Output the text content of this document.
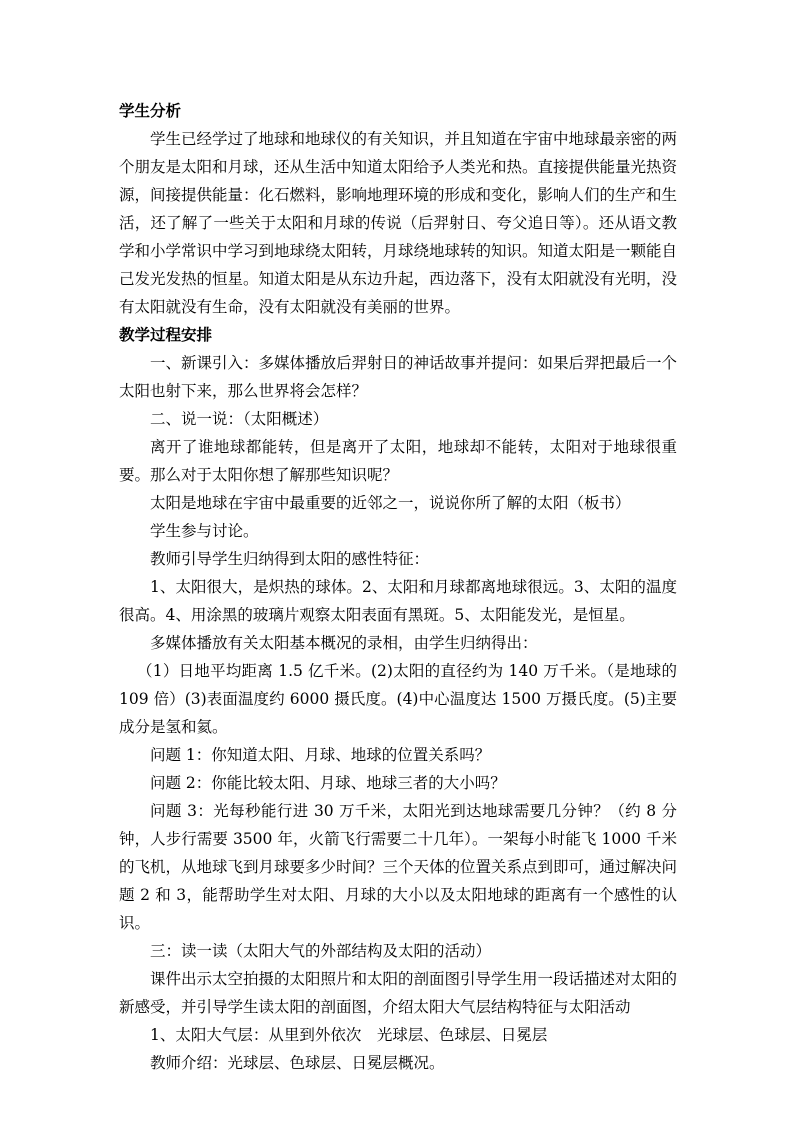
学生分析

学生已经学过了地球和地球仪的有关知识，并且知道在宇宙中地球最亲密的两个朋友是太阳和月球，还从生活中知道太阳给予人类光和热。直接提供能量光热资源，间接提供能量：化石燃料，影响地理环境的形成和变化，影响人们的生产和生活，还了解了一些关于太阳和月球的传说（后羿射日、夸父追日等）。还从语文教学和小学常识中学习到地球绕太阳转，月球绕地球转的知识。知道太阳是一颗能自己发光发热的恒星。知道太阳是从东边升起，西边落下，没有太阳就没有光明，没有太阳就没有生命，没有太阳就没有美丽的世界。

教学过程安排

一、新课引入：多媒体播放后羿射日的神话故事并提问：如果后羿把最后一个太阳也射下来，那么世界将会怎样？

二、说一说：（太阳概述）

离开了谁地球都能转，但是离开了太阳，地球却不能转，太阳对于地球很重要。那么对于太阳你想了解那些知识呢？

太阳是地球在宇宙中最重要的近邻之一，说说你所了解的太阳（板书）

学生参与讨论。

教师引导学生归纳得到太阳的感性特征：

1、太阳很大，是炽热的球体。2、太阳和月球都离地球很远。3、太阳的温度很高。4、用涂黑的玻璃片观察太阳表面有黑斑。5、太阳能发光，是恒星。

多媒体播放有关太阳基本概况的录相，由学生归纳得出：

（1）日地平均距离 1.5 亿千米。(2)太阳的直径约为 140 万千米。（是地球的 109 倍）(3)表面温度约 6000 摄氏度。(4)中心温度达 1500 万摄氏度。(5)主要成分是氢和氦。

问题 1：你知道太阳、月球、地球的位置关系吗？

问题 2：你能比较太阳、月球、地球三者的大小吗？

问题 3：光每秒能行进 30 万千米，太阳光到达地球需要几分钟？（约 8 分钟，人步行需要 3500 年，火箭飞行需要二十几年）。一架每小时能飞 1000 千米的飞机，从地球飞到月球要多少时间？三个天体的位置关系点到即可，通过解决问题 2 和 3，能帮助学生对太阳、月球的大小以及太阳地球的距离有一个感性的认识。

三：读一读（太阳大气的外部结构及太阳的活动）

课件出示太空拍摄的太阳照片和太阳的剖面图引导学生用一段话描述对太阳的新感受，并引导学生读太阳的剖面图，介绍太阳大气层结构特征与太阳活动

1、太阳大气层：从里到外依次　光球层、色球层、日冕层

教师介绍：光球层、色球层、日冕层概况。
